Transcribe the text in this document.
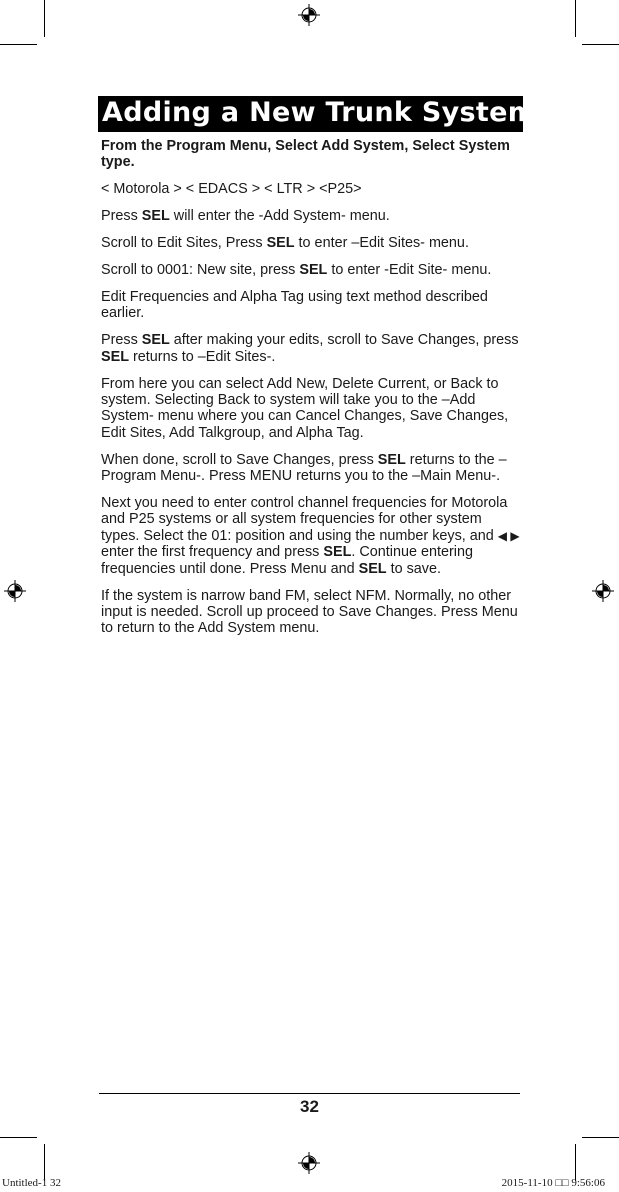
Adding a New Trunk System

From the Program Menu, Select Add System, Select System type.

< Motorola > < EDACS > < LTR > <P25>

Press SEL will enter the -Add System- menu.

Scroll to Edit Sites, Press SEL to enter –Edit Sites- menu.

Scroll to 0001: New site, press SEL to enter -Edit Site- menu.

Edit Frequencies and Alpha Tag using text method described earlier.

Press SEL after making your edits, scroll to Save Changes, press SEL returns to –Edit Sites-.

From here you can select Add New, Delete Current, or Back to system. Selecting Back to system will take you to the –Add System- menu where you can Cancel Changes, Save Changes, Edit Sites, Add Talkgroup, and Alpha Tag.

When done, scroll to Save Changes, press SEL returns to the –Program Menu-. Press MENU returns you to the –Main Menu-.

Next you need to enter control channel frequencies for Motorola and P25 systems or all system frequencies for other system types. Select the 01: position and using the number keys, and ◀ ▶ enter the first frequency and press SEL. Continue entering frequencies until done. Press Menu and SEL to save.

If the system is narrow band FM, select NFM. Normally, no other input is needed. Scroll up proceed to Save Changes. Press Menu to return to the Add System menu.

32
Untitled-1 32	2015-11-10 □□ 9:56:06
